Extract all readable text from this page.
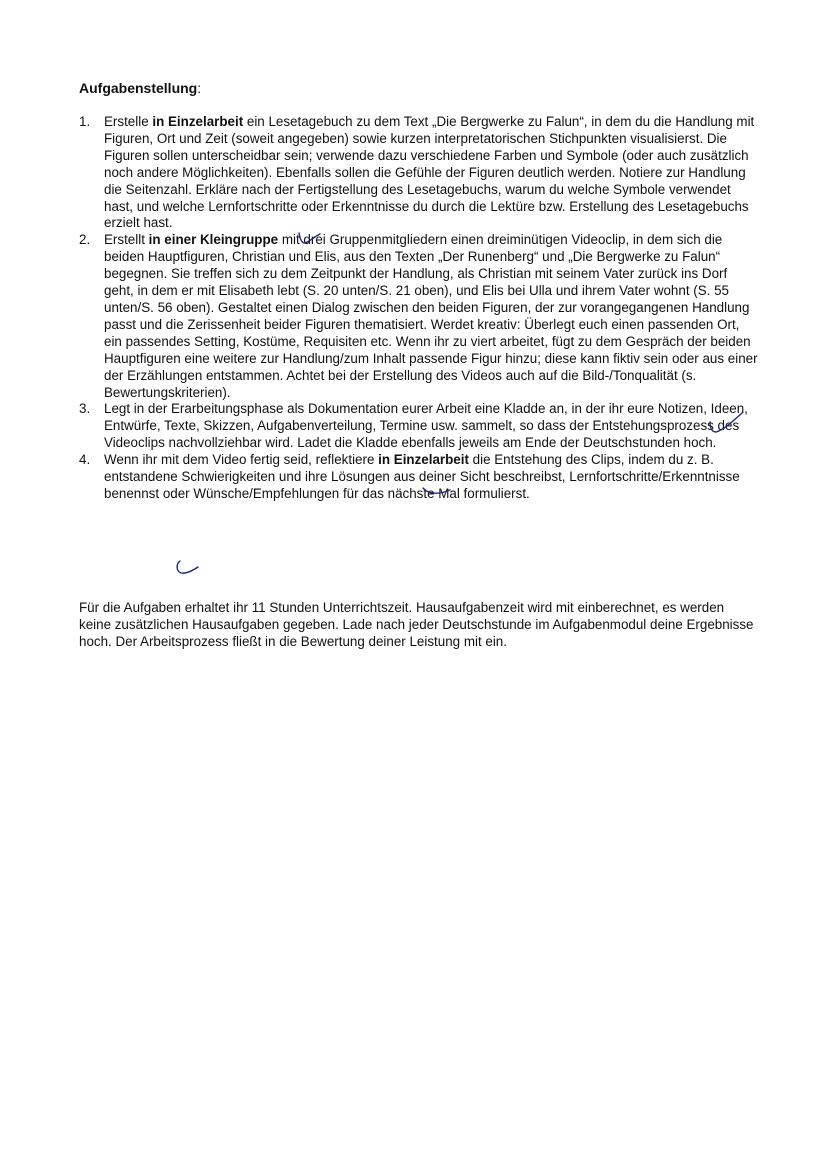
Aufgabenstellung:
1. Erstelle in Einzelarbeit ein Lesetagebuch zu dem Text „Die Bergwerke zu Falun“, in dem du die Handlung mit Figuren, Ort und Zeit (soweit angegeben) sowie kurzen interpretatorischen Stichpunkten visualisierst. Die Figuren sollen unterscheidbar sein; verwende dazu verschiedene Farben und Symbole (oder auch zusätzlich noch andere Möglichkeiten). Ebenfalls sollen die Gefühle der Figuren deutlich werden. Notiere zur Handlung die Seitenzahl. Erkläre nach der Fertigstellung des Lesetagebuchs, warum du welche Symbole verwendet hast, und welche Lernfortschritte oder Erkenntnisse du durch die Lektüre bzw. Erstellung des Lesetagebuchs erzielt hast.
2. Erstellt in einer Kleingruppe mit drei Gruppenmitgliedern einen dreiminütigen Videoclip, in dem sich die beiden Hauptfiguren, Christian und Elis, aus den Texten „Der Runenberg“ und „Die Bergwerke zu Falun“ begegnen. Sie treffen sich zu dem Zeitpunkt der Handlung, als Christian mit seinem Vater zurück ins Dorf geht, in dem er mit Elisabeth lebt (S. 20 unten/S. 21 oben), und Elis bei Ulla und ihrem Vater wohnt (S. 55 unten/S. 56 oben). Gestaltet einen Dialog zwischen den beiden Figuren, der zur vorangegangenen Handlung passt und die Zerissenheit beider Figuren thematisiert. Werdet kreativ: Überlegt euch einen passenden Ort, ein passendes Setting, Kostüme, Requisiten etc. Wenn ihr zu viert arbeitet, fügt zu dem Gespräch der beiden Hauptfiguren eine weitere zur Handlung/zum Inhalt passende Figur hinzu; diese kann fiktiv sein oder aus einer der Erzählungen entstammen. Achtet bei der Erstellung des Videos auch auf die Bild-/Tonqualität (s. Bewertungskriterien).
3. Legt in der Erarbeitungsphase als Dokumentation eurer Arbeit eine Kladde an, in der ihr eure Notizen, Ideen, Entwürfe, Texte, Skizzen, Aufgabenverteilung, Termine usw. sammelt, so dass der Entstehungsprozess des Videoclips nachvollziehbar wird. Ladet die Kladde ebenfalls jeweils am Ende der Deutschstunden hoch.
4. Wenn ihr mit dem Video fertig seid, reflektiere in Einzelarbeit die Entstehung des Clips, indem du z. B. entstandene Schwierigkeiten und ihre Lösungen aus deiner Sicht beschreibst, Lernfortschritte/Erkenntnisse benennst oder Wünsche/Empfehlungen für das nächste Mal formulierst.
Für die Aufgaben erhaltet ihr 11 Stunden Unterrichtszeit. Hausaufgabenzeit wird mit einberechnet, es werden keine zusätzlichen Hausaufgaben gegeben. Lade nach jeder Deutschstunde im Aufgabenmodul deine Ergebnisse hoch. Der Arbeitsprozess fließt in die Bewertung deiner Leistung mit ein.
